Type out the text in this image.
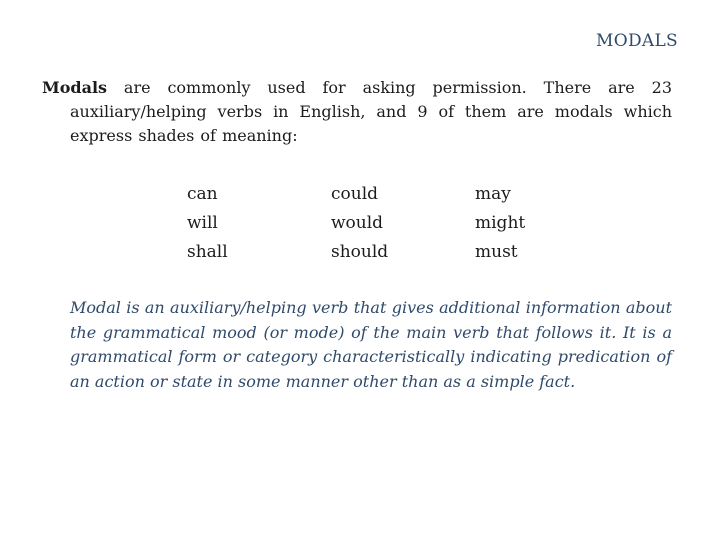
MODALS
Modals are commonly used for asking permission. There are 23 auxiliary/helping verbs in English, and 9 of them are modals which express shades of meaning:
can
will
shall
could
would
should
may
might
must
Modal is an auxiliary/helping verb that gives additional information about the grammatical mood (or mode) of the main verb that follows it. It is a grammatical form or category characteristically indicating predication of an action or state in some manner other than as a simple fact.
